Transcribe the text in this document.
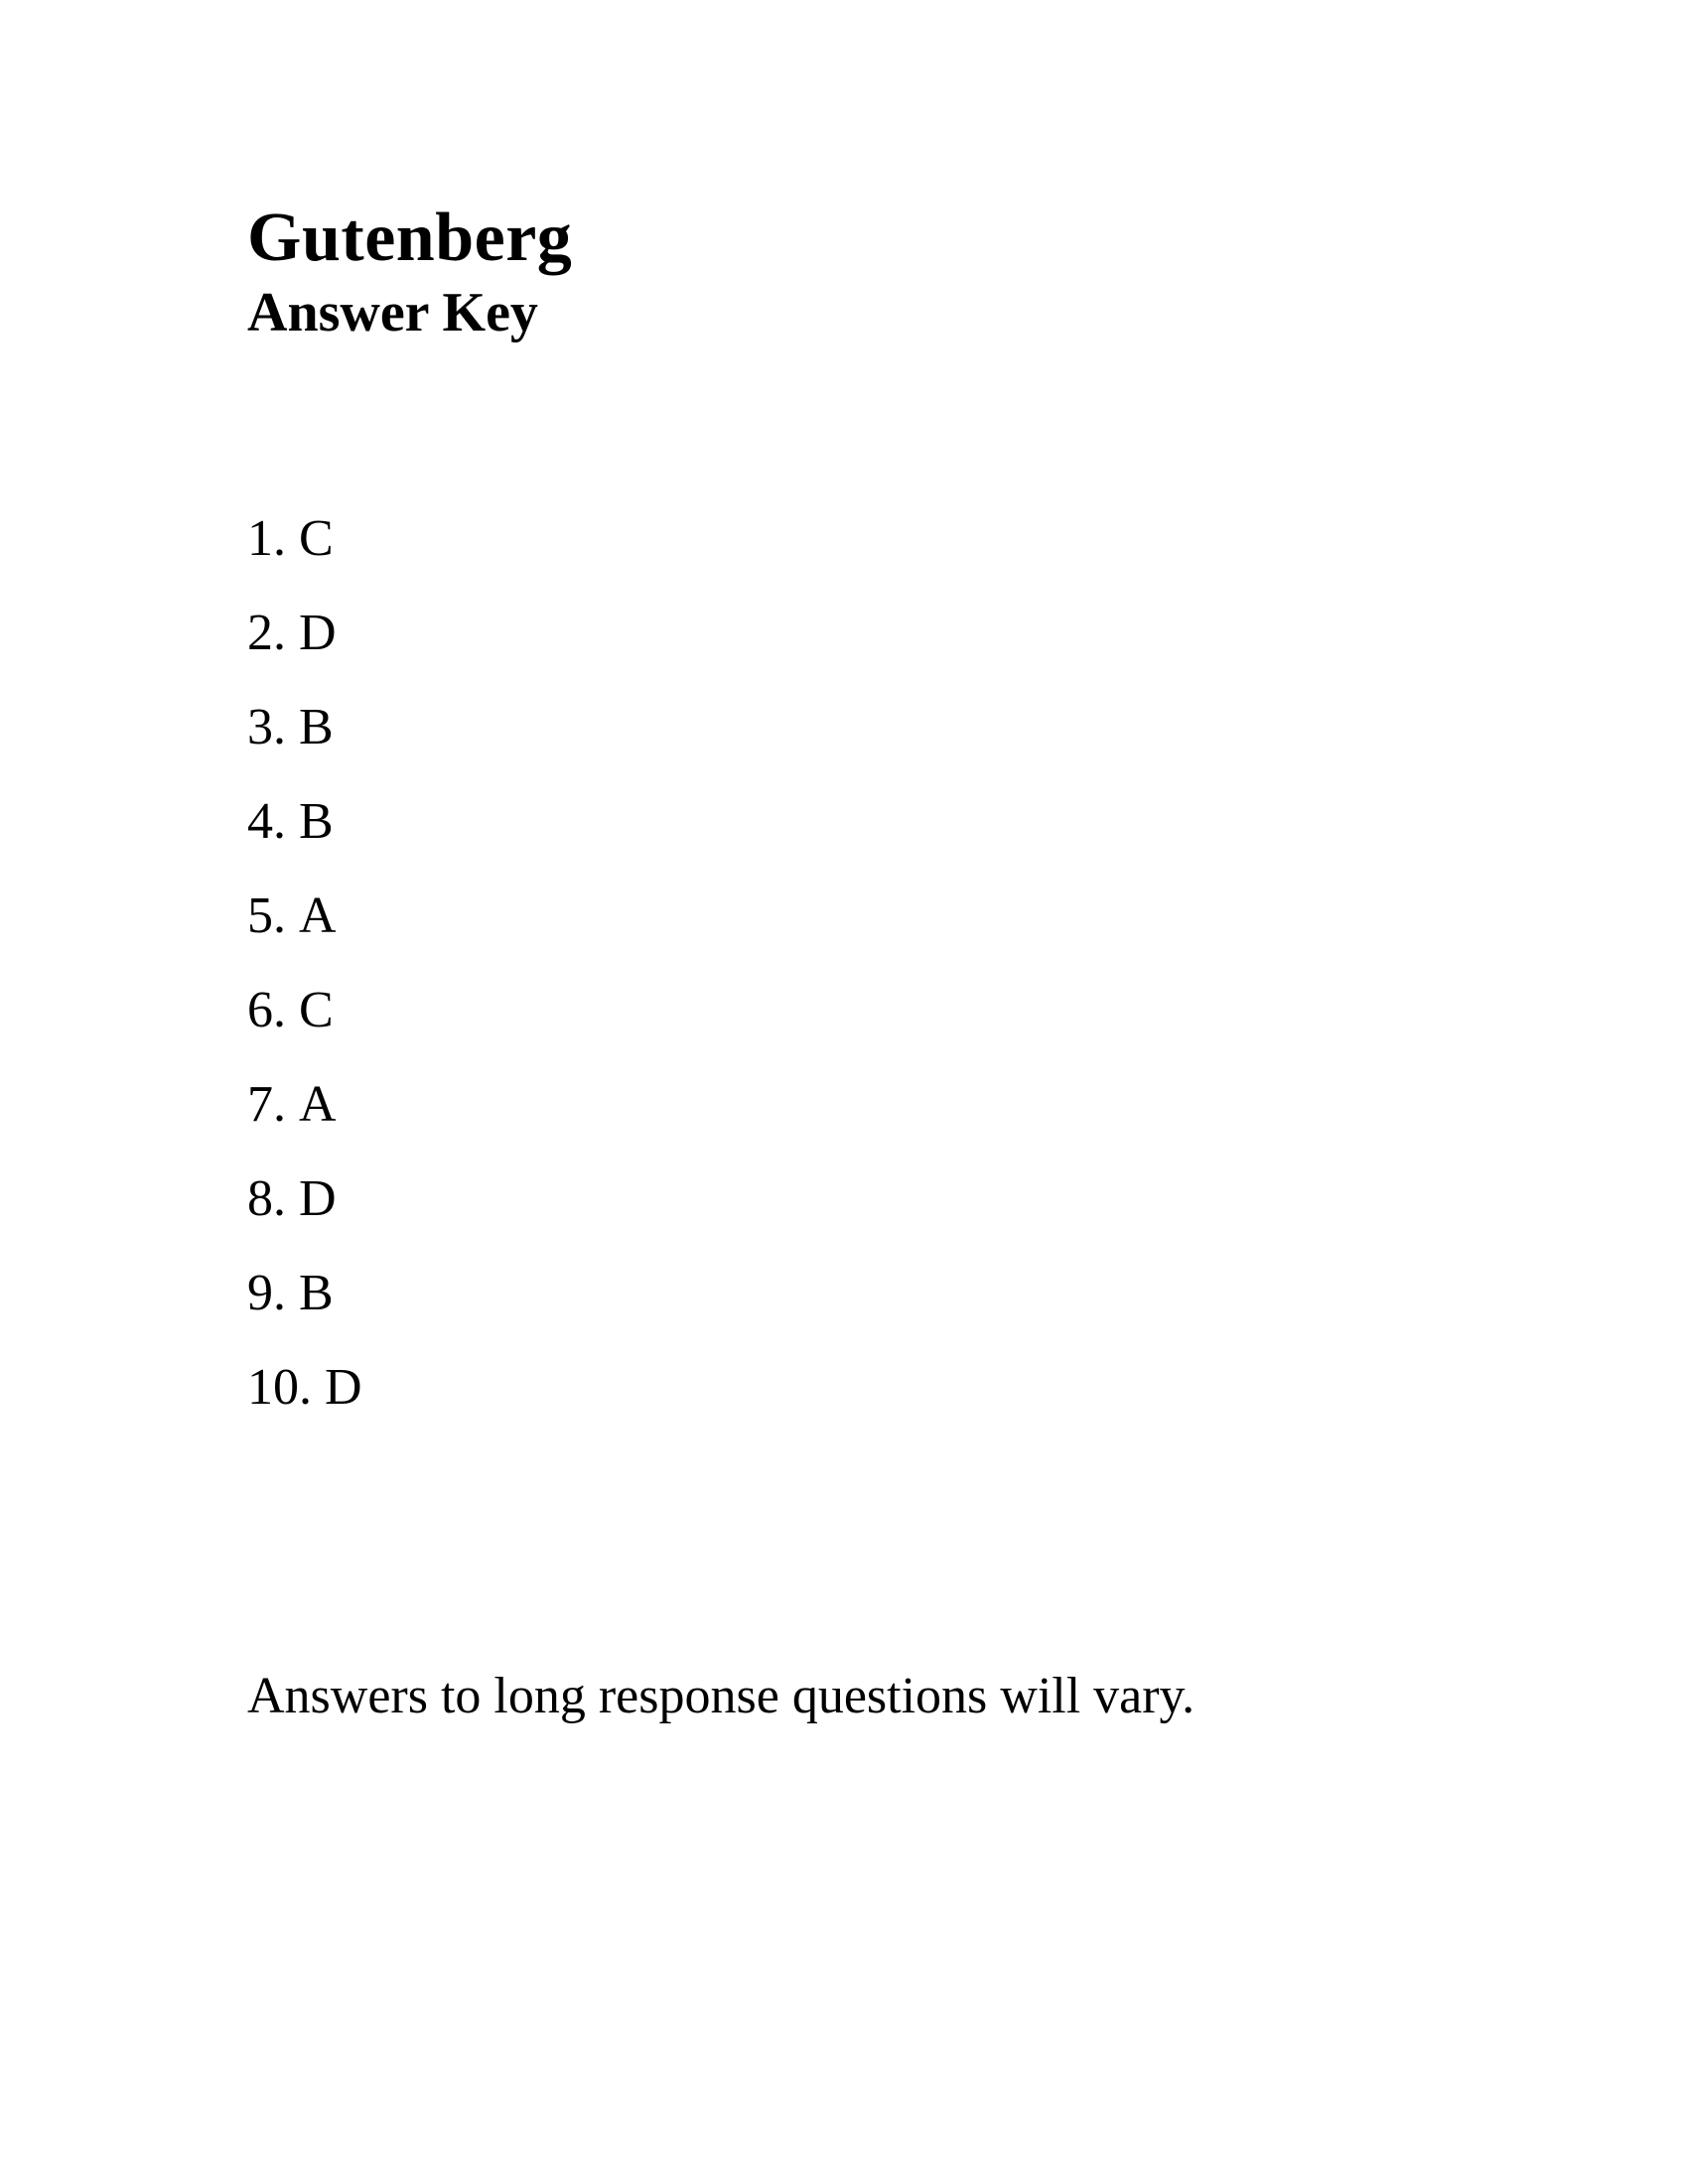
Gutenberg
Answer Key
1. C
2. D
3. B
4. B
5. A
6. C
7. A
8. D
9. B
10. D

Answers to long response questions will vary.
